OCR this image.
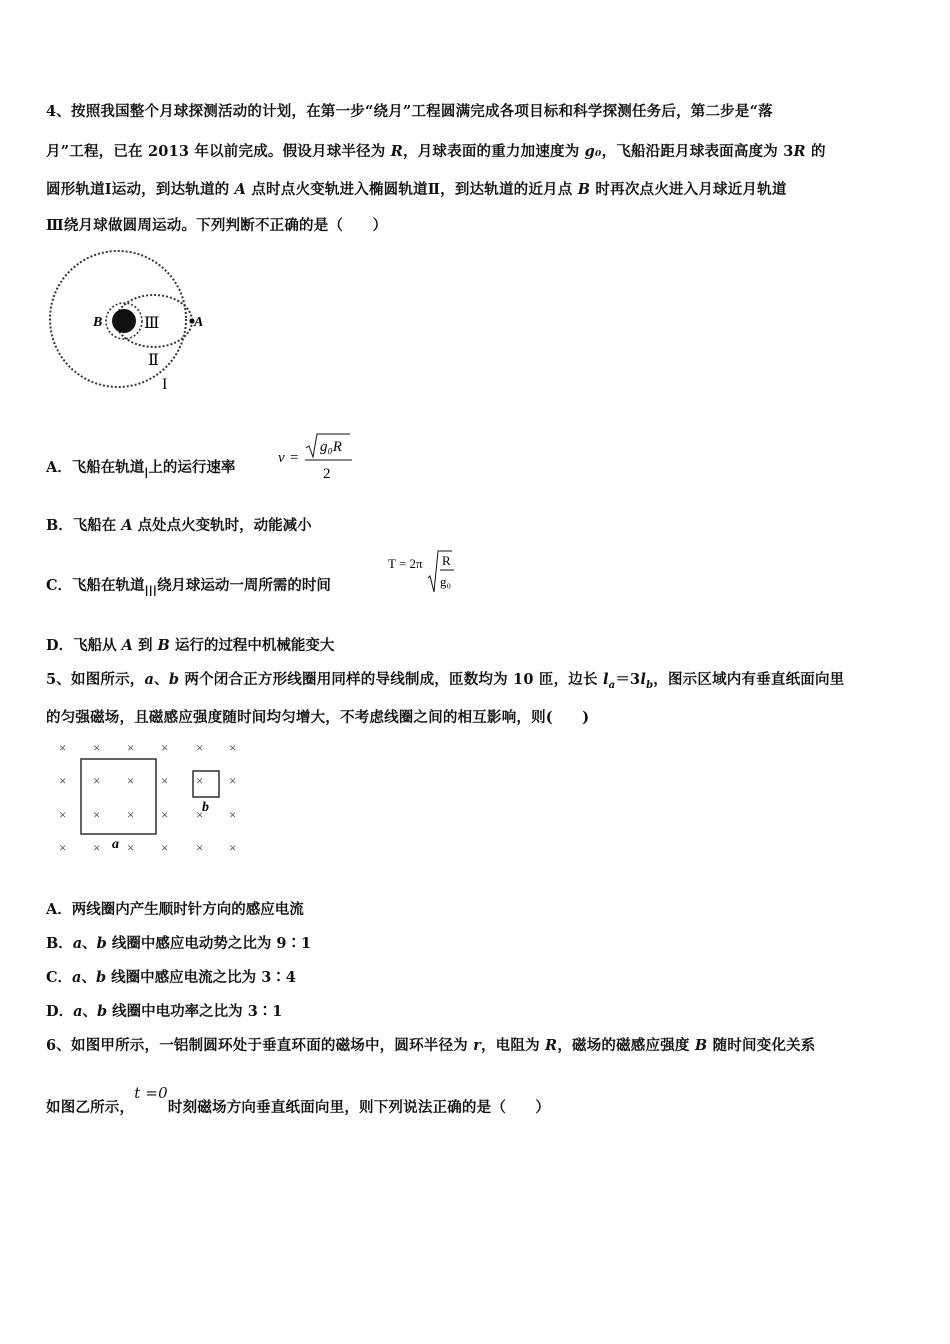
4、按照我国整个月球探测活动的计划，在第一步“绕月”工程圆满完成各项目标和科学探测任务后，第二步是“落
月”工程，已在 2013 年以前完成。假设月球半径为 R，月球表面的重力加速度为 g₀，飞船沿距月球表面高度为 3R 的
圆形轨道Ⅰ运动，到达轨道的 A 点时点火变轨进入椭圆轨道Ⅱ，到达轨道的近月点 B 时再次点火进入月球近月轨道
Ⅲ绕月球做圆周运动。下列判断不正确的是（　　）
B	A
Ⅲ
Ⅱ
I
A．飞船在轨道I上的运行速率
v =
g₀R
2
B．飞船在 A 点处点火变轨时，动能减小
C．飞船在轨道III绕月球运动一周所需的时间
T = 2π R
g₀
D．飞船从 A 到 B 运行的过程中机械能变大
5、如图所示，a、b 两个闭合正方形线圈用同样的导线制成，匝数均为 10 匝，边长 $l_a=3l_b$，图示区域内有垂直纸面向里
的匀强磁场，且磁感应强度随时间均匀增大，不考虑线圈之间的相互影响，则(　　)
a
b
× × × × × ×
× × × × × ×
× × × × × ×
× × × × × ×
A．两线圈内产生顺时针方向的感应电流
B．a、b 线圈中感应电动势之比为 9∶1
C．a、b 线圈中感应电流之比为 3∶4
D．a、b 线圈中电功率之比为 3∶1
6、如图甲所示，一铝制圆环处于垂直环面的磁场中，圆环半径为 r，电阻为 R，磁场的磁感应强度 B 随时间变化关系
如图乙所示，t =0时刻磁场方向垂直纸面向里，则下列说法正确的是（　　）
